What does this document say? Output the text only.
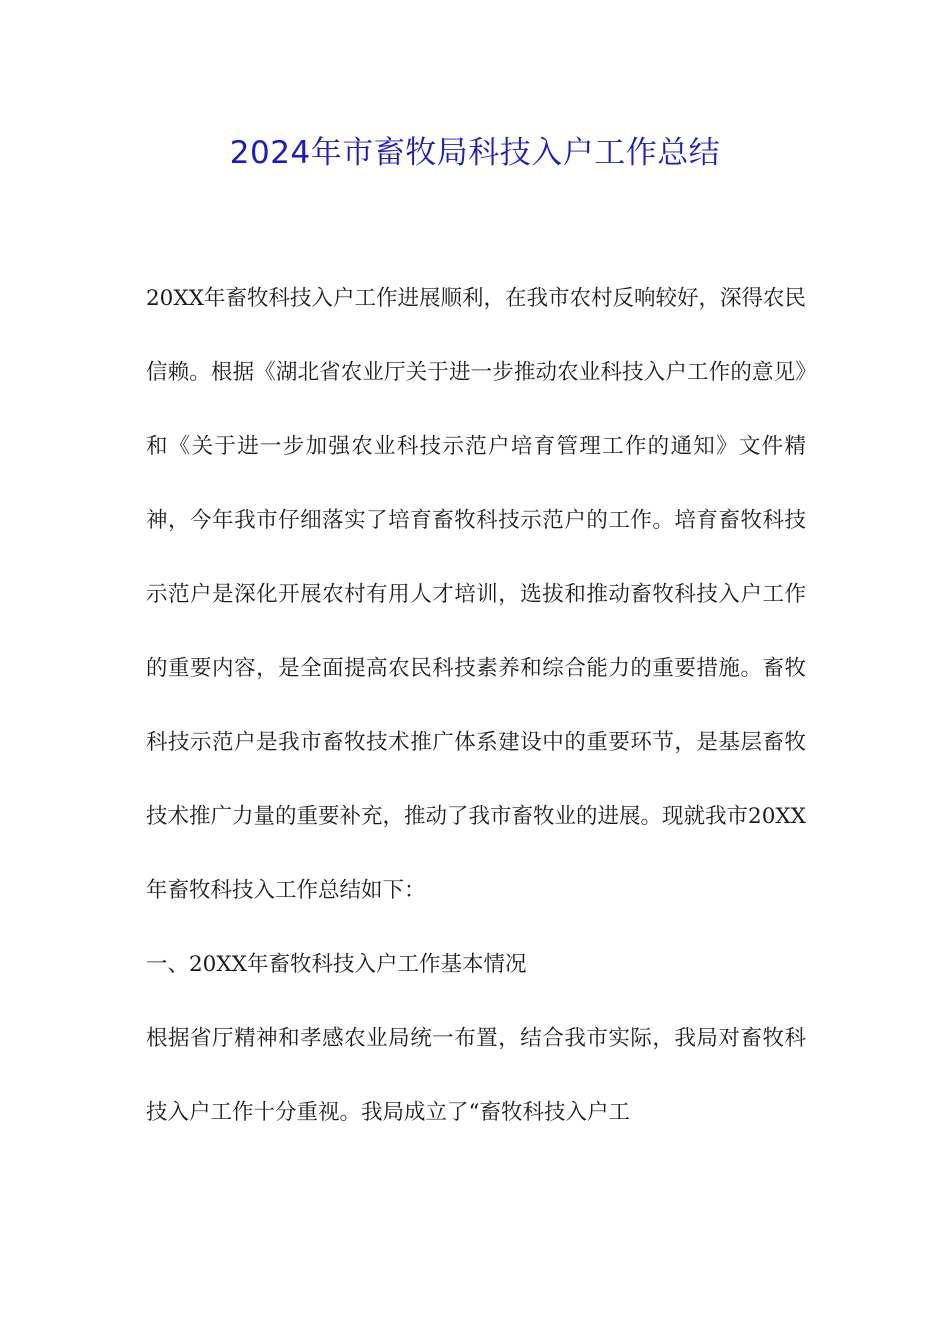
2024年市畜牧局科技入户工作总结

20XX年畜牧科技入户工作进展顺利，在我市农村反响较好，深得农民信赖。根据《湖北省农业厅关于进一步推动农业科技入户工作的意见》和《关于进一步加强农业科技示范户培育管理工作的通知》文件精神，今年我市仔细落实了培育畜牧科技示范户的工作。培育畜牧科技示范户是深化开展农村有用人才培训，选拔和推动畜牧科技入户工作的重要内容，是全面提高农民科技素养和综合能力的重要措施。畜牧科技示范户是我市畜牧技术推广体系建设中的重要环节，是基层畜牧技术推广力量的重要补充，推动了我市畜牧业的进展。现就我市20XX年畜牧科技入工作总结如下：

一、20XX年畜牧科技入户工作基本情况

根据省厅精神和孝感农业局统一布置，结合我市实际，我局对畜牧科技入户工作十分重视。我局成立了“畜牧科技入户工
